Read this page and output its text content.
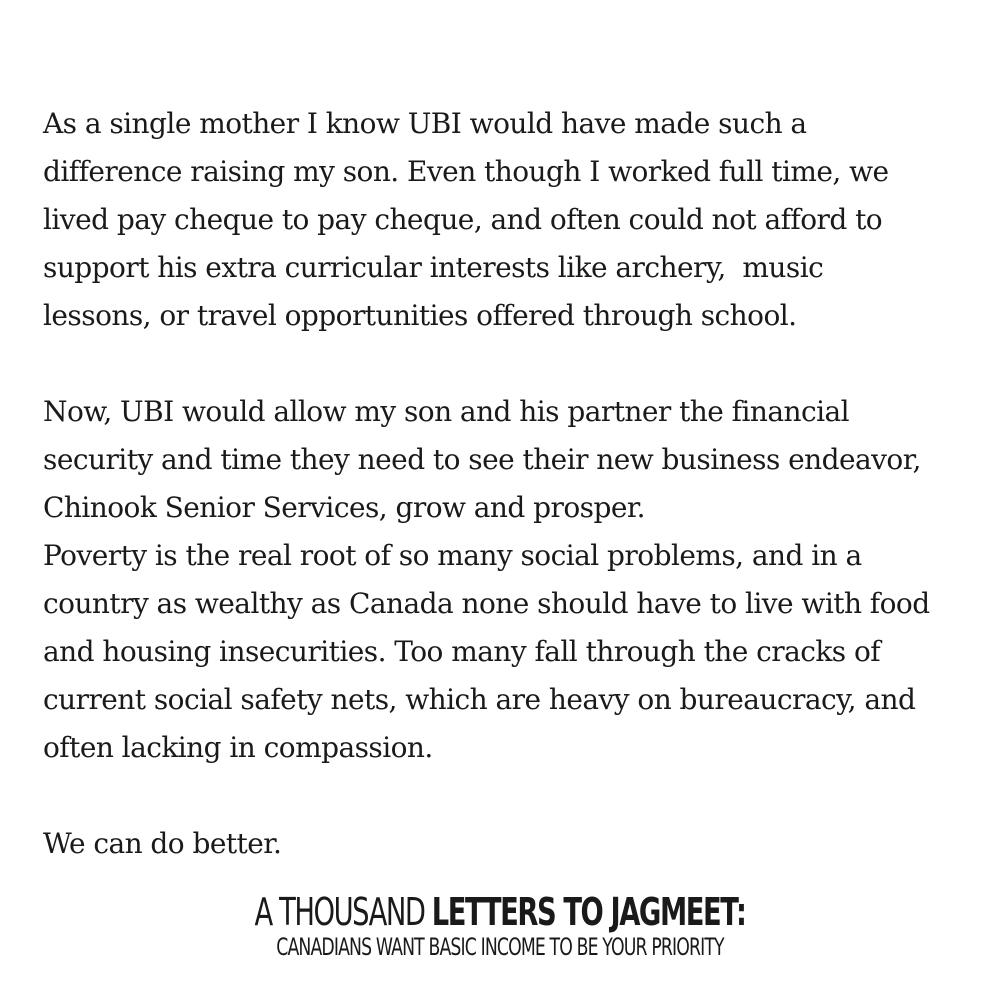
As a single mother I know UBI would have made such a
difference raising my son. Even though I worked full time, we
lived pay cheque to pay cheque, and often could not afford to
support his extra curricular interests like archery,  music
lessons, or travel opportunities offered through school.
Now, UBI would allow my son and his partner the financial
security and time they need to see their new business endeavor,
Chinook Senior Services, grow and prosper.
Poverty is the real root of so many social problems, and in a
country as wealthy as Canada none should have to live with food
and housing insecurities. Too many fall through the cracks of
current social safety nets, which are heavy on bureaucracy, and
often lacking in compassion.
We can do better.
A THOUSAND LETTERS TO JAGMEET:
CANADIANS WANT BASIC INCOME TO BE YOUR PRIORITY
